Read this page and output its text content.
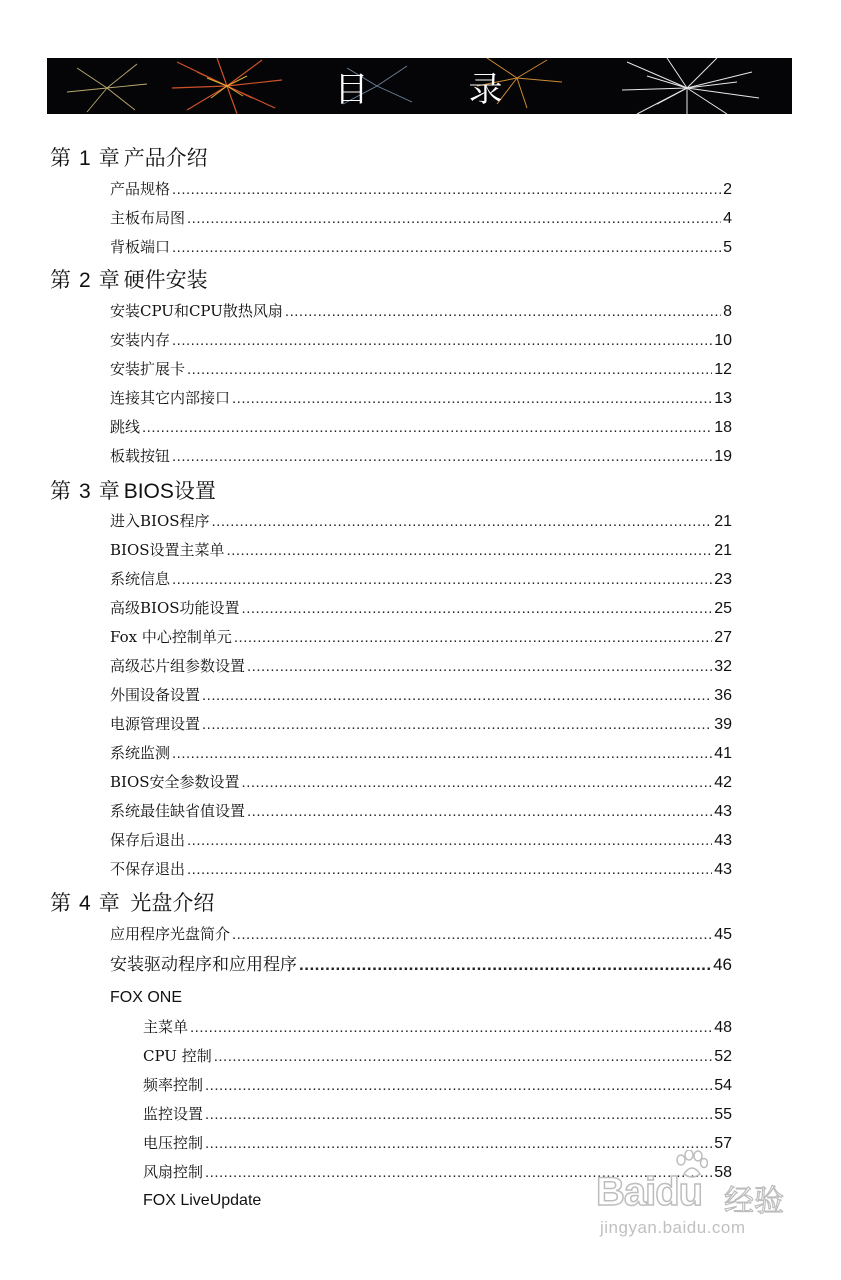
目	录
第 1 章 产品介绍
产品规格 .....	2
主板布局图 .....	4
背板端口 .....	5
第 2 章 硬件安装
安装CPU和CPU散热风扇 .....	8
安装内存 .....	10
安装扩展卡 .....	12
连接其它内部接口 .....	13
跳线 .....	18
板载按钮 .....	19
第 3 章 BIOS设置
进入BIOS程序 .....	21
BIOS设置主菜单 .....	21
系统信息 .....	23
高级BIOS功能设置 .....	25
Fox 中心控制单元 .....	27
高级芯片组参数设置 .....	32
外围设备设置 .....	36
电源管理设置 .....	39
系统监测 .....	41
BIOS安全参数设置 .....	42
系统最佳缺省值设置 .....	43
保存后退出 .....	43
不保存退出 .....	43
第 4 章 光盘介绍
应用程序光盘简介 .....	45
安装驱动程序和应用程序 .....	46
FOX ONE
主菜单 .....	48
CPU 控制 .....	52
频率控制 .....	54
监控设置 .....	55
电压控制 .....	57
风扇控制 .....	58
FOX LiveUpdate	Baidu 经验
jingyan.baidu.com
